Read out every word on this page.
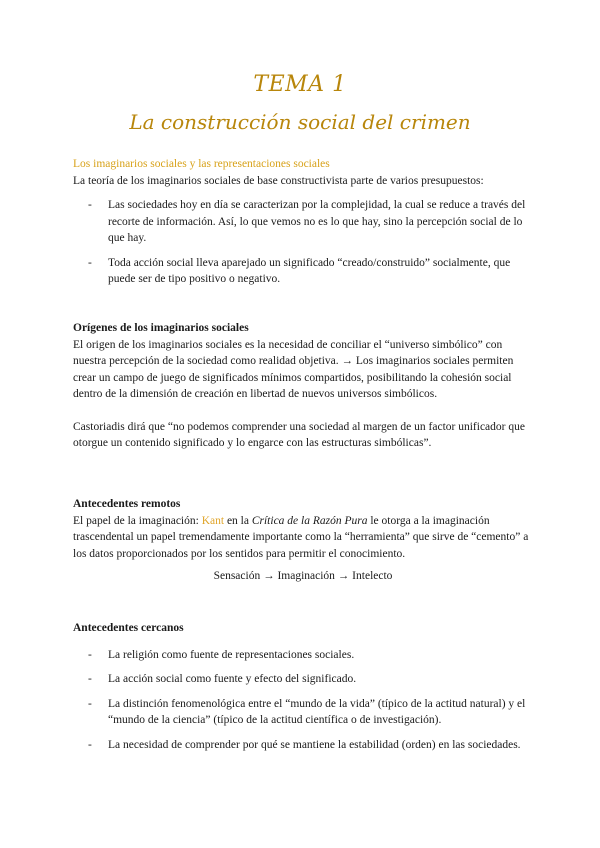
TEMA 1
La construcción social del crimen
Los imaginarios sociales y las representaciones sociales
La teoría de los imaginarios sociales de base constructivista parte de varios presupuestos:
- Las sociedades hoy en día se caracterizan por la complejidad, la cual se reduce a través del recorte de información. Así, lo que vemos no es lo que hay, sino la percepción social de lo que hay.
- Toda acción social lleva aparejado un significado “creado/construido” socialmente, que puede ser de tipo positivo o negativo.
Orígenes de los imaginarios sociales
El origen de los imaginarios sociales es la necesidad de conciliar el “universo simbólico” con nuestra percepción de la sociedad como realidad objetiva. → Los imaginarios sociales permiten crear un campo de juego de significados mínimos compartidos, posibilitando la cohesión social dentro de la dimensión de creación en libertad de nuevos universos simbólicos.
Castoriadis dirá que “no podemos comprender una sociedad al margen de un factor unificador que otorgue un contenido significado y lo engarce con las estructuras simbólicas”.
Antecedentes remotos
El papel de la imaginación: Kant en la Crítica de la Razón Pura le otorga a la imaginación trascendental un papel tremendamente importante como la “herramienta” que sirve de “cemento” a los datos proporcionados por los sentidos para permitir el conocimiento.
Sensación → Imaginación → Intelecto
Antecedentes cercanos
- La religión como fuente de representaciones sociales.
- La acción social como fuente y efecto del significado.
- La distinción fenomenológica entre el “mundo de la vida” (típico de la actitud natural) y el “mundo de la ciencia” (típico de la actitud científica o de investigación).
- La necesidad de comprender por qué se mantiene la estabilidad (orden) en las sociedades.
